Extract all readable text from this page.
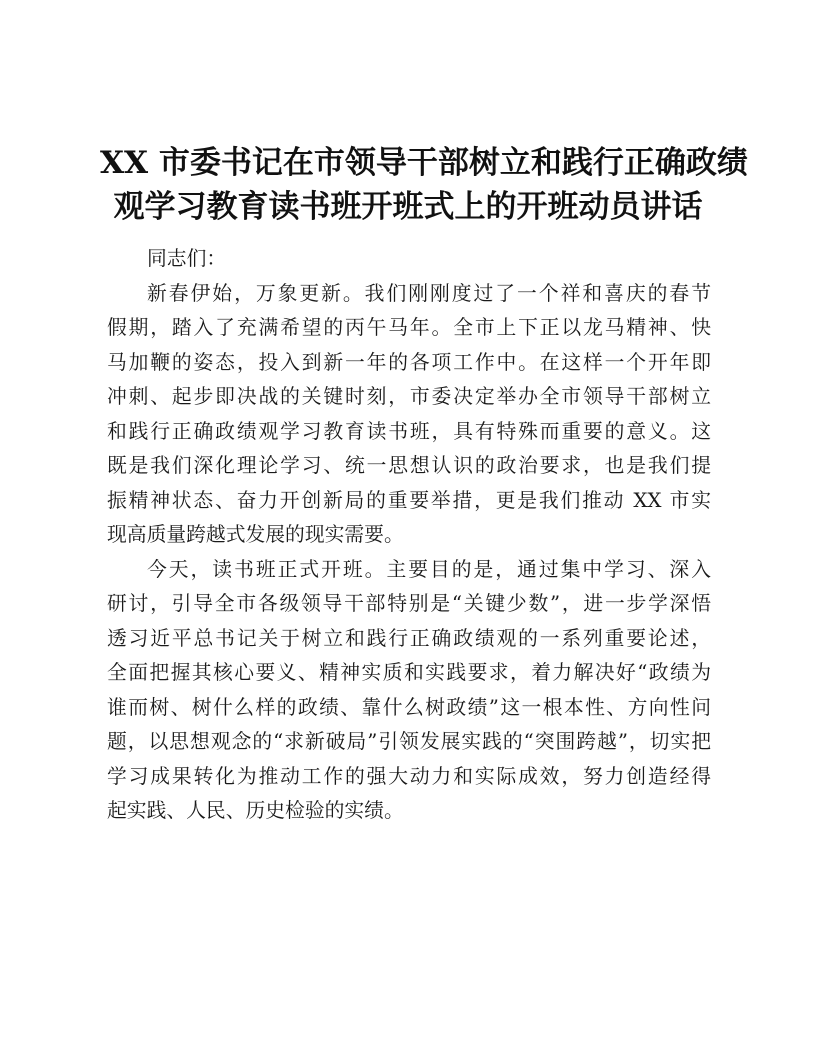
XX 市委书记在市领导干部树立和践行正确政绩
观学习教育读书班开班式上的开班动员讲话
同志们：
新春伊始，万象更新。我们刚刚度过了一个祥和喜庆的春节
假期，踏入了充满希望的丙午马年。全市上下正以龙马精神、快
马加鞭的姿态，投入到新一年的各项工作中。在这样一个开年即
冲刺、起步即决战的关键时刻，市委决定举办全市领导干部树立
和践行正确政绩观学习教育读书班，具有特殊而重要的意义。这
既是我们深化理论学习、统一思想认识的政治要求，也是我们提
振精神状态、奋力开创新局的重要举措，更是我们推动 XX 市实
现高质量跨越式发展的现实需要。
今天，读书班正式开班。主要目的是，通过集中学习、深入
研讨，引导全市各级领导干部特别是“关键少数”，进一步学深悟
透习近平总书记关于树立和践行正确政绩观的一系列重要论述，
全面把握其核心要义、精神实质和实践要求，着力解决好“政绩为
谁而树、树什么样的政绩、靠什么树政绩”这一根本性、方向性问
题，以思想观念的“求新破局”引领发展实践的“突围跨越”，切实把
学习成果转化为推动工作的强大动力和实际成效，努力创造经得
起实践、人民、历史检验的实绩。
